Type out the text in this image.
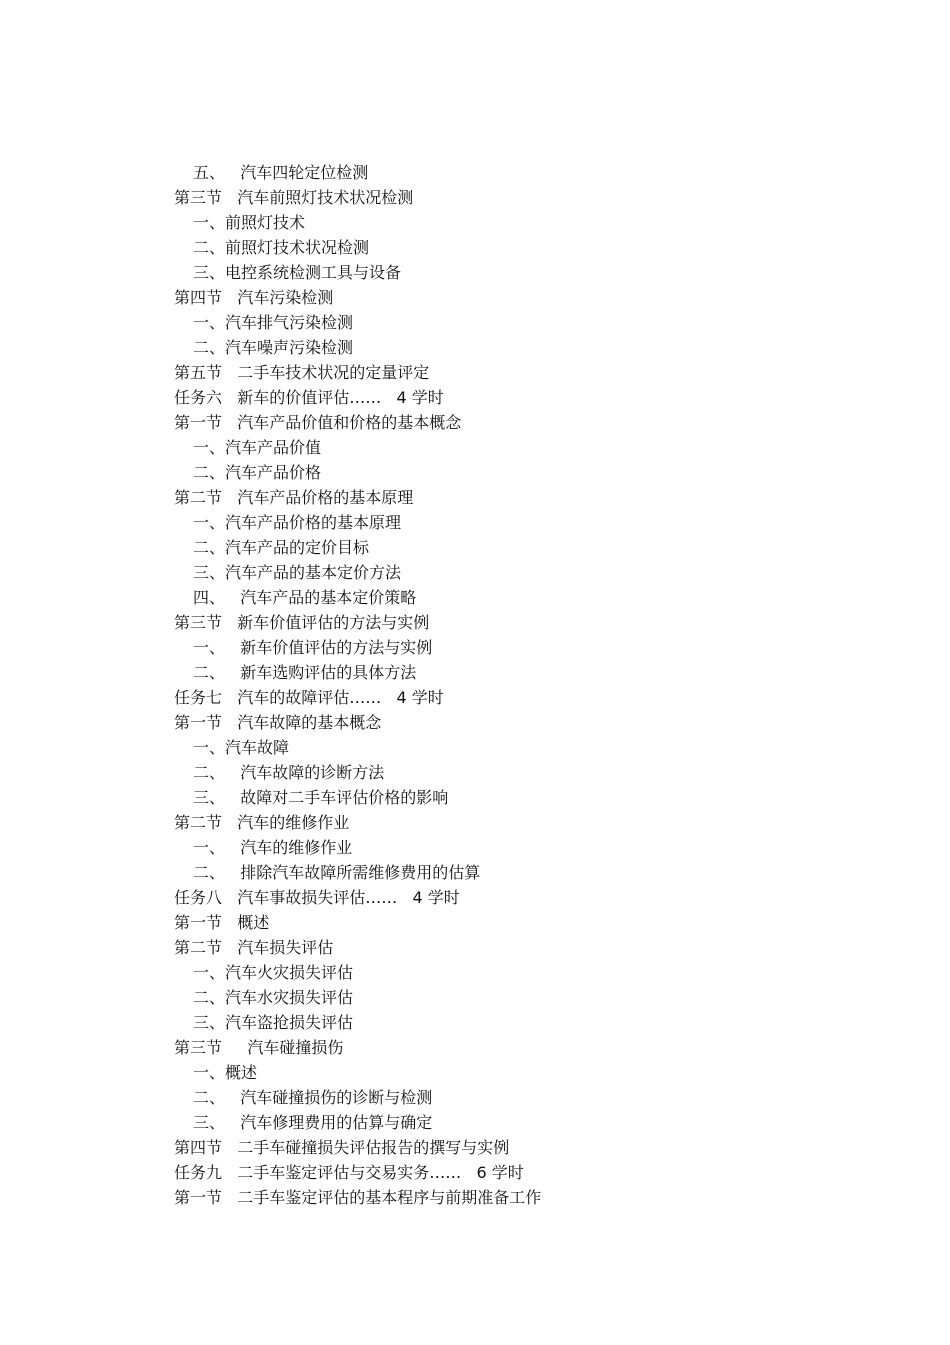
五、   汽车四轮定位检测
第三节   汽车前照灯技术状况检测
一、前照灯技术
二、前照灯技术状况检测
三、电控系统检测工具与设备
第四节   汽车污染检测
一、汽车排气污染检测
二、汽车噪声污染检测
第五节   二手车技术状况的定量评定
任务六   新车的价值评估……   4 学时
第一节   汽车产品价值和价格的基本概念
一、汽车产品价值
二、汽车产品价格
第二节   汽车产品价格的基本原理
一、汽车产品价格的基本原理
二、汽车产品的定价目标
三、汽车产品的基本定价方法
四、   汽车产品的基本定价策略
第三节   新车价值评估的方法与实例
一、   新车价值评估的方法与实例
二、   新车选购评估的具体方法
任务七   汽车的故障评估……   4 学时
第一节   汽车故障的基本概念
一、汽车故障
二、   汽车故障的诊断方法
三、   故障对二手车评估价格的影响
第二节   汽车的维修作业
一、   汽车的维修作业
二、   排除汽车故障所需维修费用的估算
任务八   汽车事故损失评估……   4 学时
第一节   概述
第二节   汽车损失评估
一、汽车火灾损失评估
二、汽车水灾损失评估
三、汽车盗抢损失评估
第三节     汽车碰撞损伤
一、概述
二、   汽车碰撞损伤的诊断与检测
三、   汽车修理费用的估算与确定
第四节   二手车碰撞损失评估报告的撰写与实例
任务九   二手车鉴定评估与交易实务……   6 学时
第一节   二手车鉴定评估的基本程序与前期准备工作
